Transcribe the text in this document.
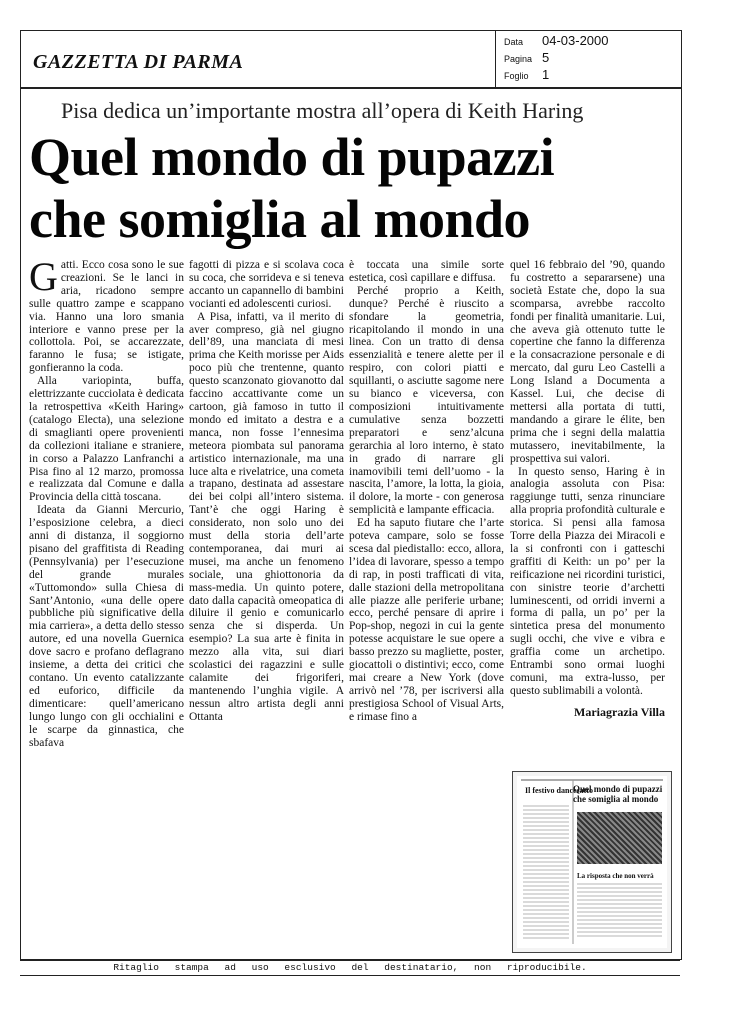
GAZZETTA DI PARMA
Data 04-03-2000
Pagina 5
Foglio 1
Pisa dedica un’importante mostra all’opera di Keith Haring
Quel mondo di pupazzi
che somiglia al mondo

Gatti. Ecco cosa sono le sue creazioni. Se le lanci in aria, ricadono sempre sulle quattro zampe e scappano via. Hanno una loro smania interiore e vanno prese per la collottola. Poi, se accarezzate, faranno le fusa; se istigate, gonfieranno la coda.

Alla variopinta, buffa, elettrizzante cucciolata è dedicata la retrospettiva «Keith Haring» (catalogo Electa), una selezione di smaglianti opere provenienti da collezioni italiane e straniere, in corso a Palazzo Lanfranchi a Pisa fino al 12 marzo, promossa e realizzata dal Comune e dalla Provincia della città toscana.

Ideata da Gianni Mercurio, l’esposizione celebra, a dieci anni di distanza, il soggiorno pisano del graffitista di Reading (Pennsylvania) per l’esecuzione del grande murales «Tuttomondo» sulla Chiesa di Sant’Antonio, «una delle opere pubbliche più significative della mia carriera», a detta dello stesso autore, ed una novella Guernica dove sacro e profano deflagrano insieme, a detta dei critici che contano. Un evento catalizzante ed euforico, difficile da dimenticare: quell’americano lungo lungo con gli occhialini e le scarpe da ginnastica, che sbafava

fagotti di pizza e si scolava coca su coca, che sorrideva e si teneva accanto un capannello di bambini vocianti ed adolescenti curiosi.

A Pisa, infatti, va il merito di aver compreso, già nel giugno dell’89, una manciata di mesi prima che Keith morisse per Aids poco più che trentenne, quanto questo scanzonato giovanotto dal faccino accattivante come un cartoon, già famoso in tutto il mondo ed imitato a destra e a manca, non fosse l’ennesima meteora piombata sul panorama artistico internazionale, ma una luce alta e rivelatrice, una cometa a trapano, destinata ad assestare dei bei colpi all’intero sistema. Tant’è che oggi Haring è considerato, non solo uno dei must della storia dell’arte contemporanea, dai muri ai musei, ma anche un fenomeno sociale, una ghiottonoria da mass-media. Un quinto potere, dato dalla capacità omeopatica di diluire il genio e comunicarlo senza che si disperda. Un esempio? La sua arte è finita in mezzo alla vita, sui diari scolastici dei ragazzini e sulle calamite dei frigoriferi, mantenendo l’unghia vigile. A nessun altro artista degli anni Ottanta

è toccata una simile sorte estetica, così capillare e diffusa.

Perché proprio a Keith, dunque? Perché è riuscito a sfondare la geometria, ricapitolando il mondo in una linea. Con un tratto di densa essenzialità e tenere alette per il respiro, con colori piatti e squillanti, o asciutte sagome nere su bianco e viceversa, con composizioni intuitivamente cumulative senza bozzetti preparatori e senz’alcuna gerarchia al loro interno, è stato in grado di narrare gli inamovibili temi dell’uomo - la nascita, l’amore, la lotta, la gioia, il dolore, la morte - con generosa semplicità e lampante efficacia.

Ed ha saputo fiutare che l’arte poteva campare, solo se fosse scesa dal piedistallo: ecco, allora, l’idea di lavorare, spesso a tempo di rap, in posti trafficati di vita, dalle stazioni della metropolitana alle piazze alle periferie urbane; ecco, perché pensare di aprire i Pop-shop, negozi in cui la gente potesse acquistare le sue opere a basso prezzo su magliette, poster, giocattoli o distintivi; ecco, come mai creare a New York (dove arrivò nel ’78, per iscriversi alla prestigiosa School of Visual Arts, e rimase fino a

quel 16 febbraio del ’90, quando fu costretto a separarsene) una società Estate che, dopo la sua scomparsa, avrebbe raccolto fondi per finalità umanitarie. Lui, che aveva già ottenuto tutte le copertine che fanno la differenza e la consacrazione personale e di mercato, dal guru Leo Castelli a Long Island a Documenta a Kassel. Lui, che decise di mettersi alla portata di tutti, mandando a girare le élite, ben prima che i segni della malattia mutassero, inevitabilmente, la prospettiva sui valori.

In questo senso, Haring è in analogia assoluta con Pisa: raggiunge tutti, senza rinunciare alla propria profondità culturale e storica. Si pensi alla famosa Torre della Piazza dei Miracoli e la si confronti con i gatteschi graffiti di Keith: un po’ per la reificazione nei ricordini turistici, con sinistre teorie d’archetti luminescenti, od orridi inverni a forma di palla, un po’ per la sintetica presa del monumento sugli occhi, che vive e vibra e graffia come un archetipo. Entrambi sono ormai luoghi comuni, ma extra-lusso, per questo sublimabili a volontà.

Mariagrazia Villa
Il festivo dancesatto
Quel mondo di pupazzi che somiglia al mondo
La risposta che non verrà
Ritaglio stampa ad uso esclusivo del destinatario, non riproducibile.
